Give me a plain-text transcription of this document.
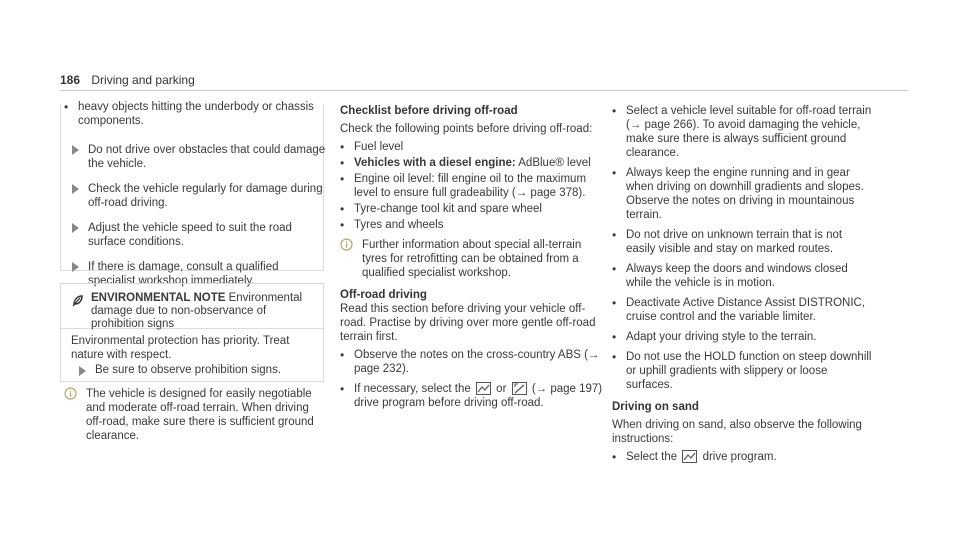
186 Driving and parking
• heavy objects hitting the underbody or chassis components.
Do not drive over obstacles that could damage the vehicle.
Check the vehicle regularly for damage during off-road driving.
Adjust the vehicle speed to suit the road surface conditions.
If there is damage, consult a qualified specialist workshop immediately.
ENVIRONMENTAL NOTE Environmental damage due to non-observance of prohibition signs
Environmental protection has priority. Treat nature with respect.
Be sure to observe prohibition signs.
The vehicle is designed for easily negotiable and moderate off-road terrain. When driving off-road, make sure there is sufficient ground clearance.
Checklist before driving off-road
Check the following points before driving off-road:
• Fuel level
• Vehicles with a diesel engine: AdBlue® level
• Engine oil level: fill engine oil to the maximum level to ensure full gradeability (→ page 378).
• Tyre-change tool kit and spare wheel
• Tyres and wheels
Further information about special all-terrain tyres for retrofitting can be obtained from a qualified specialist workshop.
Off-road driving
Read this section before driving your vehicle off-road. Practise by driving over more gentle off-road terrain first.
• Observe the notes on the cross-country ABS (→ page 232).
• If necessary, select the or (→ page 197) drive program before driving off-road.
• Select a vehicle level suitable for off-road terrain (→ page 266). To avoid damaging the vehicle, make sure there is always sufficient ground clearance.
• Always keep the engine running and in gear when driving on downhill gradients and slopes. Observe the notes on driving in mountainous terrain.
• Do not drive on unknown terrain that is not easily visible and stay on marked routes.
• Always keep the doors and windows closed while the vehicle is in motion.
• Deactivate Active Distance Assist DISTRONIC, cruise control and the variable limiter.
• Adapt your driving style to the terrain.
• Do not use the HOLD function on steep downhill or uphill gradients with slippery or loose surfaces.
Driving on sand
When driving on sand, also observe the following instructions:
• Select the drive program.
